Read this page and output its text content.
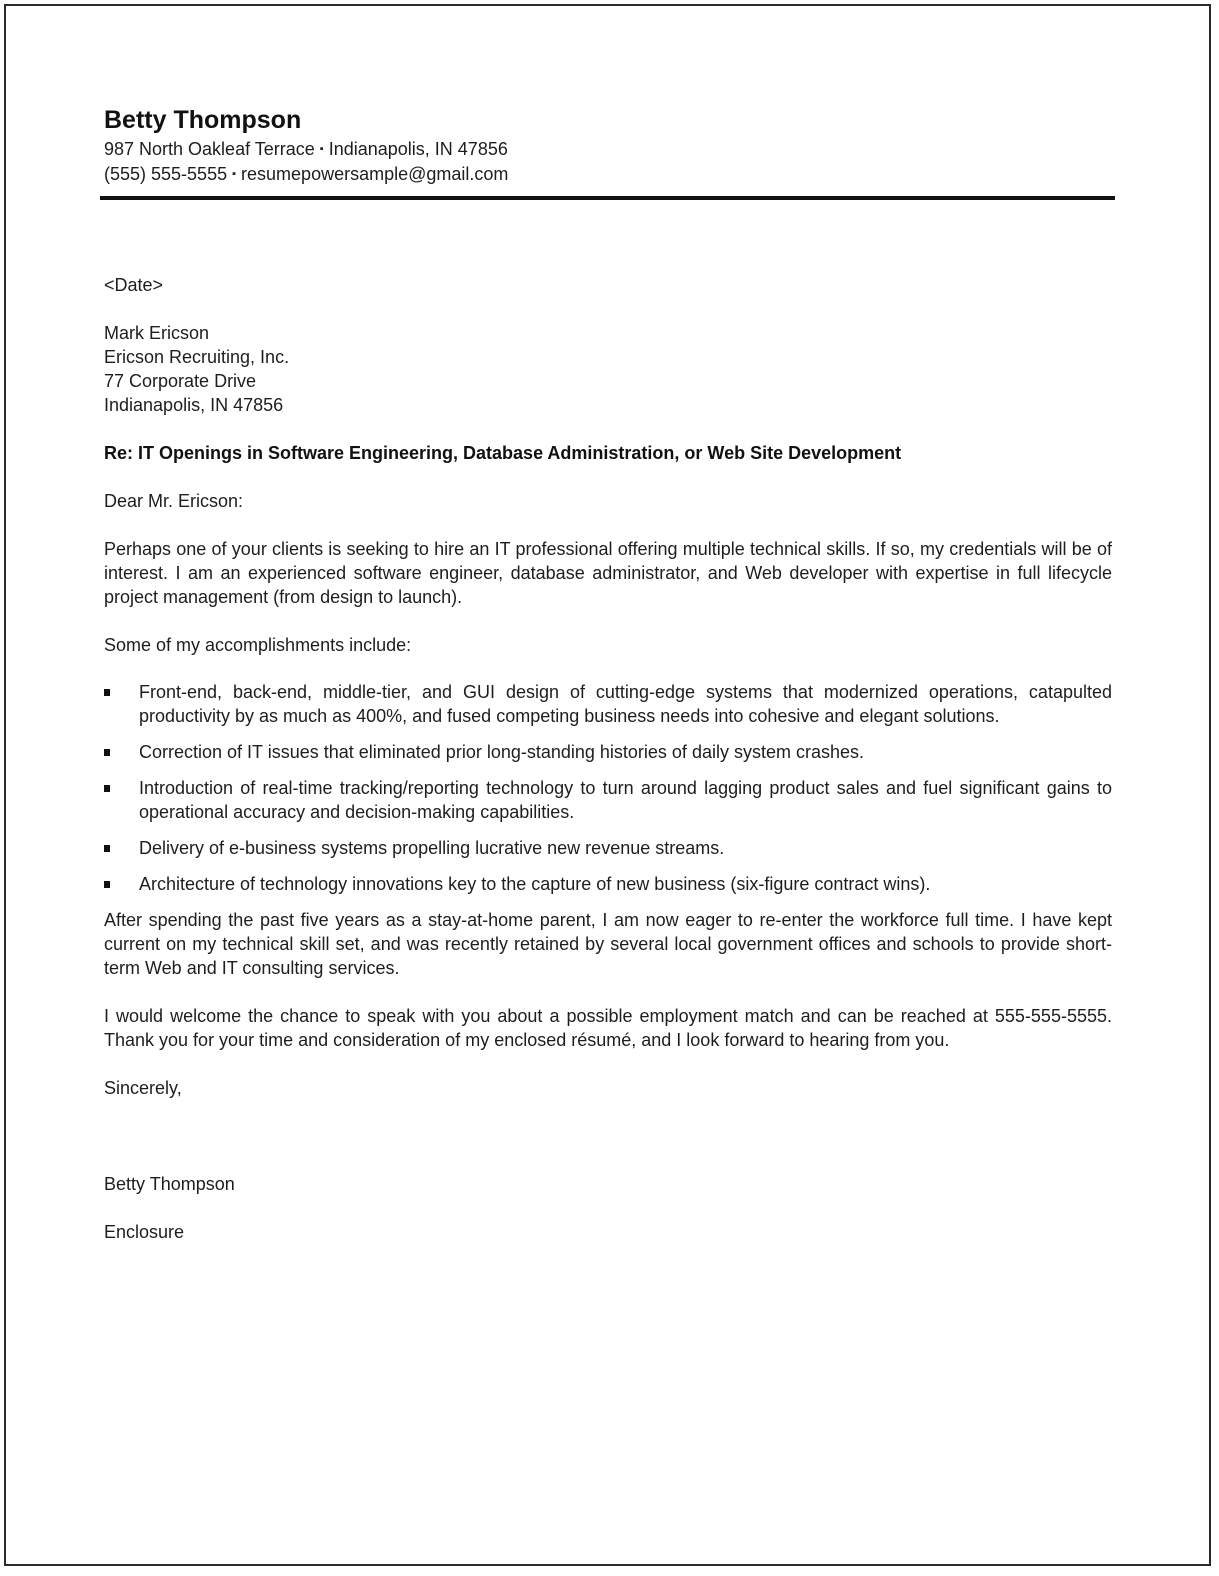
Betty Thompson

987 North Oakleaf Terrace ▪ Indianapolis, IN 47856

(555) 555-5555 ▪ resumepowersample@gmail.com

<Date>

Mark Ericson

Ericson Recruiting, Inc.

77 Corporate Drive

Indianapolis, IN 47856

Re: IT Openings in Software Engineering, Database Administration, or Web Site Development

Dear Mr. Ericson:

Perhaps one of your clients is seeking to hire an IT professional offering multiple technical skills. If so, my credentials will be of interest. I am an experienced software engineer, database administrator, and Web developer with expertise in full lifecycle project management (from design to launch).

Some of my accomplishments include:

Front-end, back-end, middle-tier, and GUI design of cutting-edge systems that modernized operations, catapulted productivity by as much as 400%, and fused competing business needs into cohesive and elegant solutions.
Correction of IT issues that eliminated prior long-standing histories of daily system crashes.
Introduction of real-time tracking/reporting technology to turn around lagging product sales and fuel significant gains to operational accuracy and decision-making capabilities.
Delivery of e-business systems propelling lucrative new revenue streams.
Architecture of technology innovations key to the capture of new business (six-figure contract wins).

After spending the past five years as a stay-at-home parent, I am now eager to re-enter the workforce full time. I have kept current on my technical skill set, and was recently retained by several local government offices and schools to provide short-term Web and IT consulting services.

I would welcome the chance to speak with you about a possible employment match and can be reached at 555-555-5555. Thank you for your time and consideration of my enclosed résumé, and I look forward to hearing from you.

Sincerely,

Betty Thompson

Enclosure
